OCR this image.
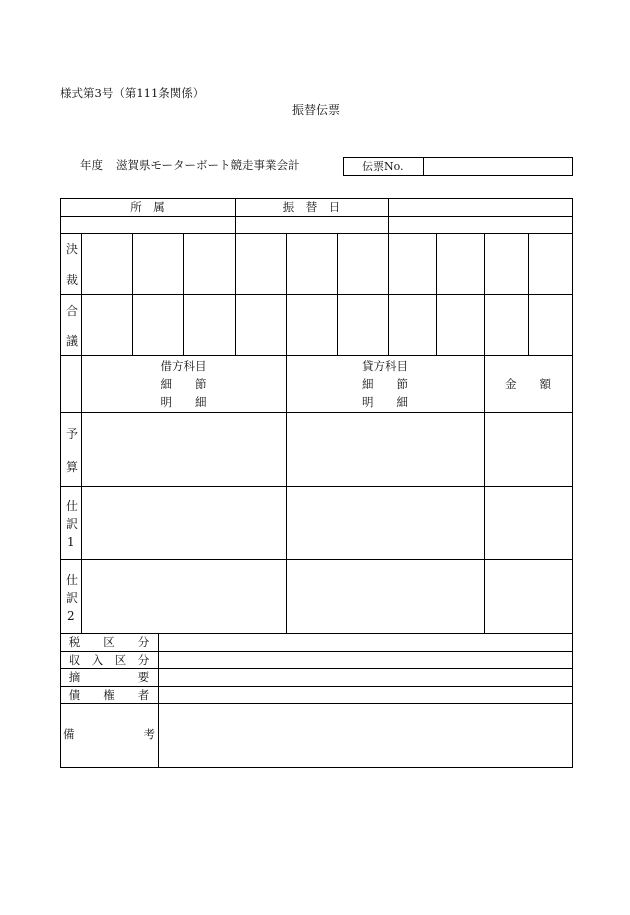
様式第3号（第111条関係）
振替伝票
年度 滋賀県モーターボート競走事業会計	伝票No.
所　属	振　替　日
決
裁
合
議
借方科目
細　　節
明　　細
貸方科目
細　　節
明　　細
金　　額
予
算
仕
訳
1
仕
訳
2
税　　区　　分
収　入　区　分
摘　　　　　要
債　　権　　者
備　　　　　　考
